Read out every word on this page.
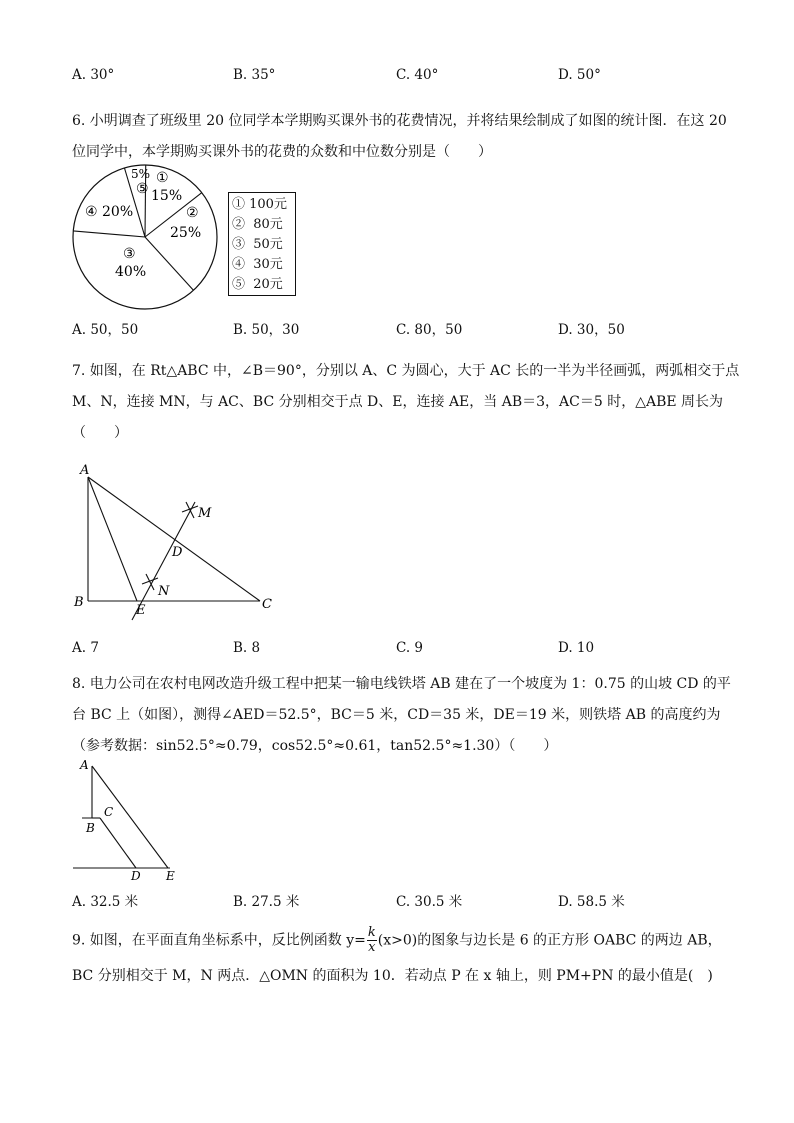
A. 30°	B. 35°	C. 40°	D. 50°
6. 小明调查了班级里 20 位同学本学期购买课外书的花费情况，并将结果绘制成了如图的统计图．在这 20
位同学中，本学期购买课外书的花费的众数和中位数分别是（　　）
5%
⑤
①
15%
②
25%
④ 20%
③
40%
① 100元
②  80元
③  50元
④  30元
⑤  20元
A. 50，50	B. 50，30	C. 80，50	D. 30，50
7. 如图，在 Rt△ABC 中，∠B＝90°，分别以 A、C 为圆心，大于 AC 长的一半为半径画弧，两弧相交于点
M、N，连接 MN，与 AC、BC 分别相交于点 D、E，连接 AE，当 AB＝3，AC＝5 时，△ABE 周长为
（　　）
A
B	C
D
E
M
N
A. 7	B. 8	C. 9	D. 10
8. 电力公司在农村电网改造升级工程中把某一输电线铁塔 AB 建在了一个坡度为 1：0.75 的山坡 CD 的平
台 BC 上（如图），测得∠AED＝52.5°，BC＝5 米，CD＝35 米，DE＝19 米，则铁塔 AB 的高度约为
（参考数据：sin52.5°≈0.79，cos52.5°≈0.61，tan52.5°≈1.30）（　　）
A
B
C
D E
A. 32.5 米	B. 27.5 米	C. 30.5 米	D. 58.5 米
9. 如图，在平面直角坐标系中，反比例函数 $y= \frac{k}{x} (x>0)$的图象与边长是 6 的正方形 OABC 的两边 AB，
BC 分别相交于 M，N 两点．△OMN 的面积为 10．若动点 P 在 x 轴上，则 PM+PN 的最小值是(　)
